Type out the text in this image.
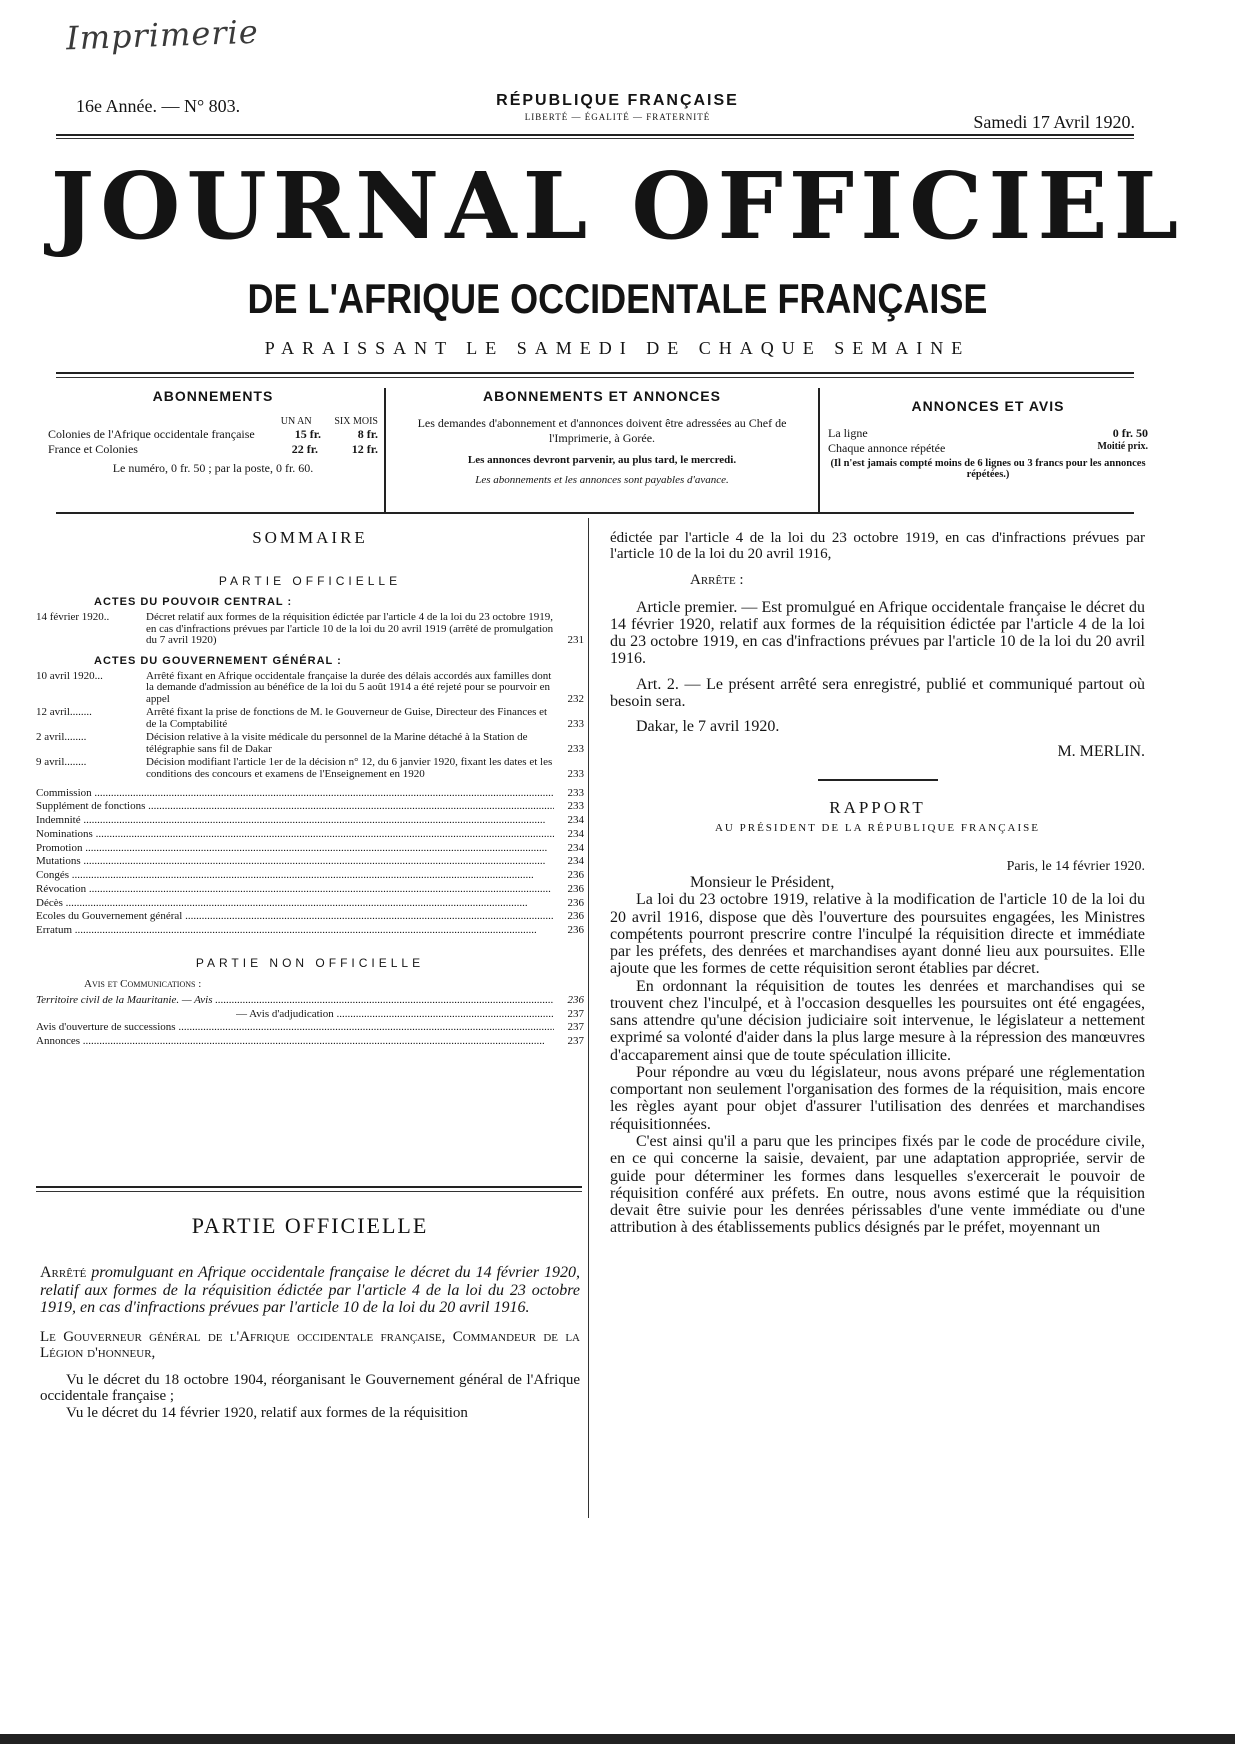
Imprimerie
16e Année. — N° 803.	RÉPUBLIQUE FRANÇAISE
LIBERTÉ — ÉGALITÉ — FRATERNITÉ	Samedi 17 Avril 1920.
JOURNAL OFFICIEL
DE L'AFRIQUE OCCIDENTALE FRANÇAISE
PARAISSANT LE SAMEDI DE CHAQUE SEMAINE
ABONNEMENTS
UN AN SIX MOIS
Colonies de l'Afrique occidentale française	15 fr.	8 fr.
France et Colonies	22 fr.	12 fr.
Le numéro, 0 fr. 50 ; par la poste, 0 fr. 60.
ABONNEMENTS ET ANNONCES

Les demandes d'abonnement et d'annonces doivent être adressées au Chef de l'Imprimerie, à Gorée.

Les annonces devront parvenir, au plus tard, le mercredi.

Les abonnements et les annonces sont payables d'avance.

ANNONCES ET AVIS
La ligne	0 fr. 50
Chaque annonce répétée	Moitié prix.
(Il n'est jamais compté moins de 6 lignes ou 3 francs pour les annonces répétées.)
SOMMAIRE
PARTIE OFFICIELLE
ACTES DU POUVOIR CENTRAL :
14 février 1920..	Décret relatif aux formes de la réquisition édictée par l'article 4 de la loi du 23 octobre 1919, en cas d'infractions prévues par l'article 10 de la loi du 20 avril 1919 (arrêté de promulgation du 7 avril 1920)	231
ACTES DU GOUVERNEMENT GÉNÉRAL :
10 avril 1920...	Arrêté fixant en Afrique occidentale française la durée des délais accordés aux familles dont la demande d'admission au bénéfice de la loi du 5 août 1914 a été rejeté pour se pourvoir en appel	232
12 avril........	Arrêté fixant la prise de fonctions de M. le Gouverneur de Guise, Directeur des Finances et de la Comptabilité	233
2 avril........	Décision relative à la visite médicale du personnel de la Marine détaché à la Station de télégraphie sans fil de Dakar	233
9 avril........	Décision modifiant l'article 1er de la décision n° 12, du 6 janvier 1920, fixant les dates et les conditions des concours et examens de l'Enseignement en 1920	233
Commission .....	233
Supplément de fonctions .....	233
Indemnité .....	234
Nominations .....	234
Promotion .....	234
Mutations .....	234
Congés .....	236
Révocation .....	236
Décès .....	236
Ecoles du Gouvernement général .....	236
Erratum .....	236
PARTIE NON OFFICIELLE
Avis et Communications :
Territoire civil de la Mauritanie. — Avis .....	236
— Avis d'adjudication .....	237
Avis d'ouverture de successions .....	237
Annonces .....	237
PARTIE OFFICIELLE

Arrêté promulguant en Afrique occidentale française le décret du 14 février 1920, relatif aux formes de la réquisition édictée par l'article 4 de la loi du 23 octobre 1919, en cas d'infractions prévues par l'article 10 de la loi du 20 avril 1916.

Le Gouverneur général de l'Afrique occidentale française, Commandeur de la Légion d'honneur,

Vu le décret du 18 octobre 1904, réorganisant le Gouvernement général de l'Afrique occidentale française ;

Vu le décret du 14 février 1920, relatif aux formes de la réquisition

édictée par l'article 4 de la loi du 23 octobre 1919, en cas d'infractions prévues par l'article 10 de la loi du 20 avril 1916,

Arrête :

Article premier. — Est promulgué en Afrique occidentale française le décret du 14 février 1920, relatif aux formes de la réquisition édictée par l'article 4 de la loi du 23 octobre 1919, en cas d'infractions prévues par l'article 10 de la loi du 20 avril 1916.

Art. 2. — Le présent arrêté sera enregistré, publié et communiqué partout où besoin sera.

Dakar, le 7 avril 1920.

M. MERLIN.

RAPPORT
AU PRÉSIDENT DE LA RÉPUBLIQUE FRANÇAISE

Paris, le 14 février 1920.

Monsieur le Président,

La loi du 23 octobre 1919, relative à la modification de l'article 10 de la loi du 20 avril 1916, dispose que dès l'ouverture des poursuites engagées, les Ministres compétents pourront prescrire contre l'inculpé la réquisition directe et immédiate par les préfets, des denrées et marchandises ayant donné lieu aux poursuites. Elle ajoute que les formes de cette réquisition seront établies par décret.

En ordonnant la réquisition de toutes les denrées et marchandises qui se trouvent chez l'inculpé, et à l'occasion desquelles les poursuites ont été engagées, sans attendre qu'une décision judiciaire soit intervenue, le législateur a nettement exprimé sa volonté d'aider dans la plus large mesure à la répression des manœuvres d'accaparement ainsi que de toute spéculation illicite.

Pour répondre au vœu du législateur, nous avons préparé une réglementation comportant non seulement l'organisation des formes de la réquisition, mais encore les règles ayant pour objet d'assurer l'utilisation des denrées et marchandises réquisitionnées.

C'est ainsi qu'il a paru que les principes fixés par le code de procédure civile, en ce qui concerne la saisie, devaient, par une adaptation appropriée, servir de guide pour déterminer les formes dans lesquelles s'exercerait le pouvoir de réquisition conféré aux préfets. En outre, nous avons estimé que la réquisition devait être suivie pour les denrées périssables d'une vente immédiate ou d'une attribution à des établissements publics désignés par le préfet, moyennant un
